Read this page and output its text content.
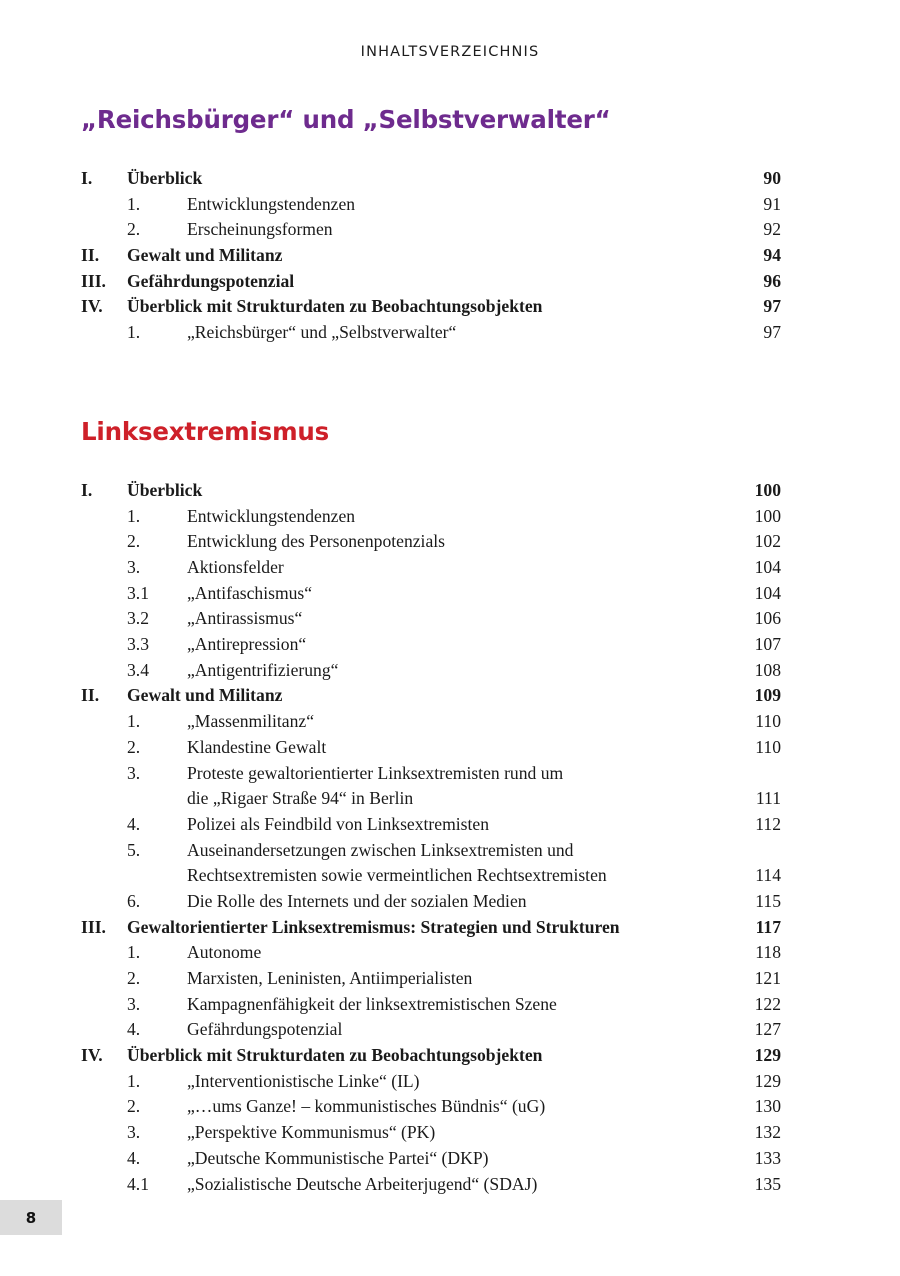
INHALTSVERZEICHNIS
„Reichsbürger“ und „Selbstverwalter“
I. Überblick	90
1.	Entwicklungstendenzen	91
2.	Erscheinungsformen	92
II. Gewalt und Militanz	94
III. Gefährdungspotenzial	96
IV. Überblick mit Strukturdaten zu Beobachtungsobjekten	97
1.	„Reichsbürger“ und „Selbstverwalter“	97
Linksextremismus
I. Überblick	100
1.	Entwicklungstendenzen	100
2.	Entwicklung des Personenpotenzials	102
3.	Aktionsfelder	104
3.1 „Antifaschismus“	104
3.2 „Antirassismus“	106
3.3 „Antirepression“	107
3.4 „Antigentrifizierung“	108
II. Gewalt und Militanz	109
1.	„Massenmilitanz“	110
2.	Klandestine Gewalt	110
3.	Proteste gewaltorientierter Linksextremisten rund um
die „Rigaer Straße 94“ in Berlin	111
4.	Polizei als Feindbild von Linksextremisten	112
5.	Auseinandersetzungen zwischen Linksextremisten und
Rechtsextremisten sowie vermeintlichen Rechtsextremisten	114
6.	Die Rolle des Internets und der sozialen Medien	115
III. Gewaltorientierter Linksextremismus: Strategien und Strukturen	117
1.	Autonome	118
2.	Marxisten, Leninisten, Antiimperialisten	121
3.	Kampagnenfähigkeit der linksextremistischen Szene	122
4.	Gefährdungspotenzial	127
IV. Überblick mit Strukturdaten zu Beobachtungsobjekten	129
1.	„Interventionistische Linke“ (IL)	129
2.	„…ums Ganze! – kommunistisches Bündnis“ (uG)	130
3.	„Perspektive Kommunismus“ (PK)	132
4.	„Deutsche Kommunistische Partei“ (DKP)	133
4.1 „Sozialistische Deutsche Arbeiterjugend“ (SDAJ)	135
8
